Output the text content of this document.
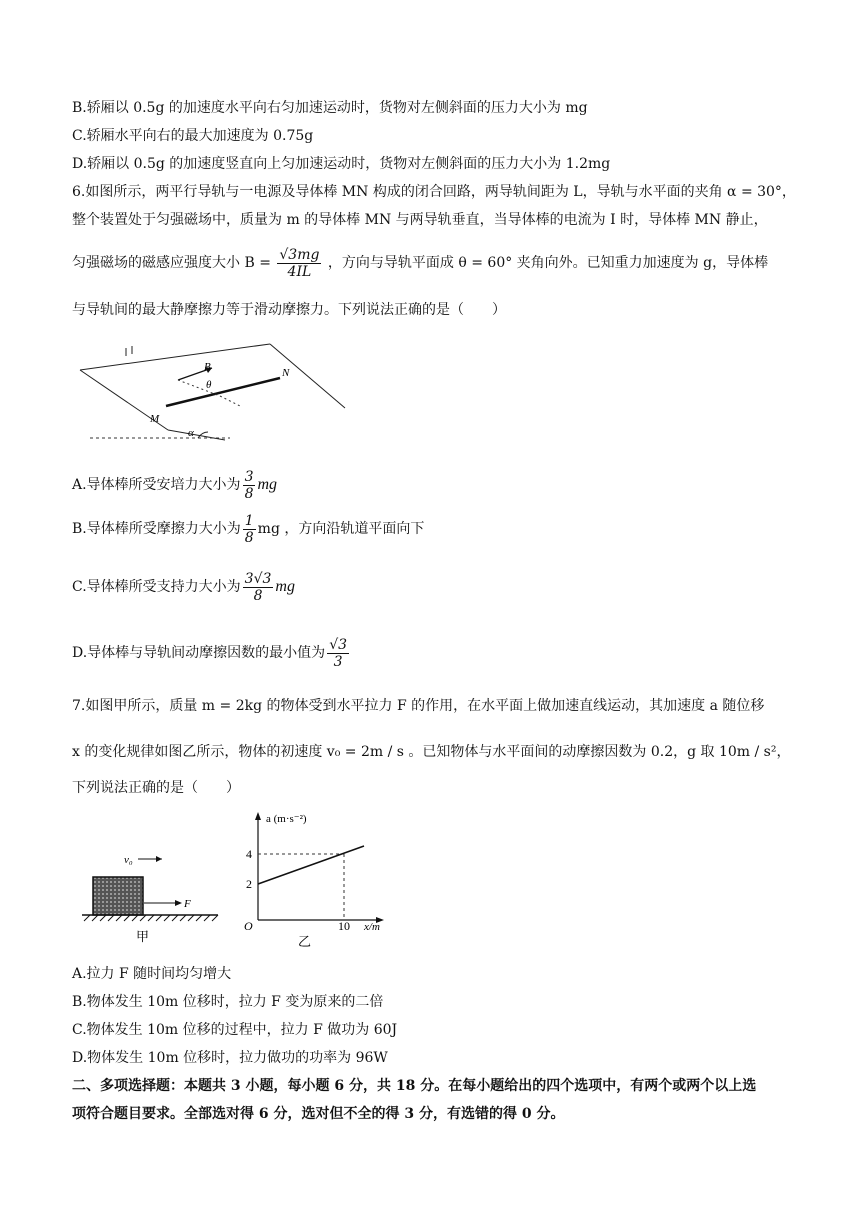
B.轿厢以 0.5g 的加速度水平向右匀加速运动时，货物对左侧斜面的压力大小为 mg
C.轿厢水平向右的最大加速度为 0.75g
D.轿厢以 0.5g 的加速度竖直向上匀加速运动时，货物对左侧斜面的压力大小为 1.2mg
6.如图所示，两平行导轨与一电源及导体棒 MN 构成的闭合回路，两导轨间距为 L，导轨与水平面的夹角 α = 30°，
整个装置处于匀强磁场中，质量为 m 的导体棒 MN 与两导轨垂直，当导体棒的电流为 I 时，导体棒 MN 静止，
匀强磁场的磁感应强度大小 $B = \frac{√3mg}{4IL}$ ，方向与导轨平面成 θ = 60° 夹角向外。已知重力加速度为 g，导体棒
与导轨间的最大静摩擦力等于滑动摩擦力。下列说法正确的是（　　）
B
θ
N
M
α
A.导体棒所受安培力大小为 $\frac{3}{8}$ mg
B.导体棒所受摩擦力大小为 $\frac{1}{8}$ mg ，方向沿轨道平面向下
C.导体棒所受支持力大小为 $\frac{3√3}{8}$ mg
D.导体棒与导轨间动摩擦因数的最小值为 $\frac{√3}{3}$
7.如图甲所示，质量 m = 2kg 的物体受到水平拉力 F 的作用，在水平面上做加速直线运动，其加速度 a 随位移
x 的变化规律如图乙所示，物体的初速度 v₀ = 2m / s 。已知物体与水平面间的动摩擦因数为 0.2，g 取 10m / s²，
下列说法正确的是（　　）
v₀
F
甲
a (m·s⁻²)
x/m
O
4
2
10
乙
A.拉力 F 随时间均匀增大
B.物体发生 10m 位移时，拉力 F 变为原来的二倍
C.物体发生 10m 位移的过程中，拉力 F 做功为 60J
D.物体发生 10m 位移时，拉力做功的功率为 96W
二、多项选择题：本题共 3 小题，每小题 6 分，共 18 分。在每小题给出的四个选项中，有两个或两个以上选
项符合题目要求。全部选对得 6 分，选对但不全的得 3 分，有选错的得 0 分。
